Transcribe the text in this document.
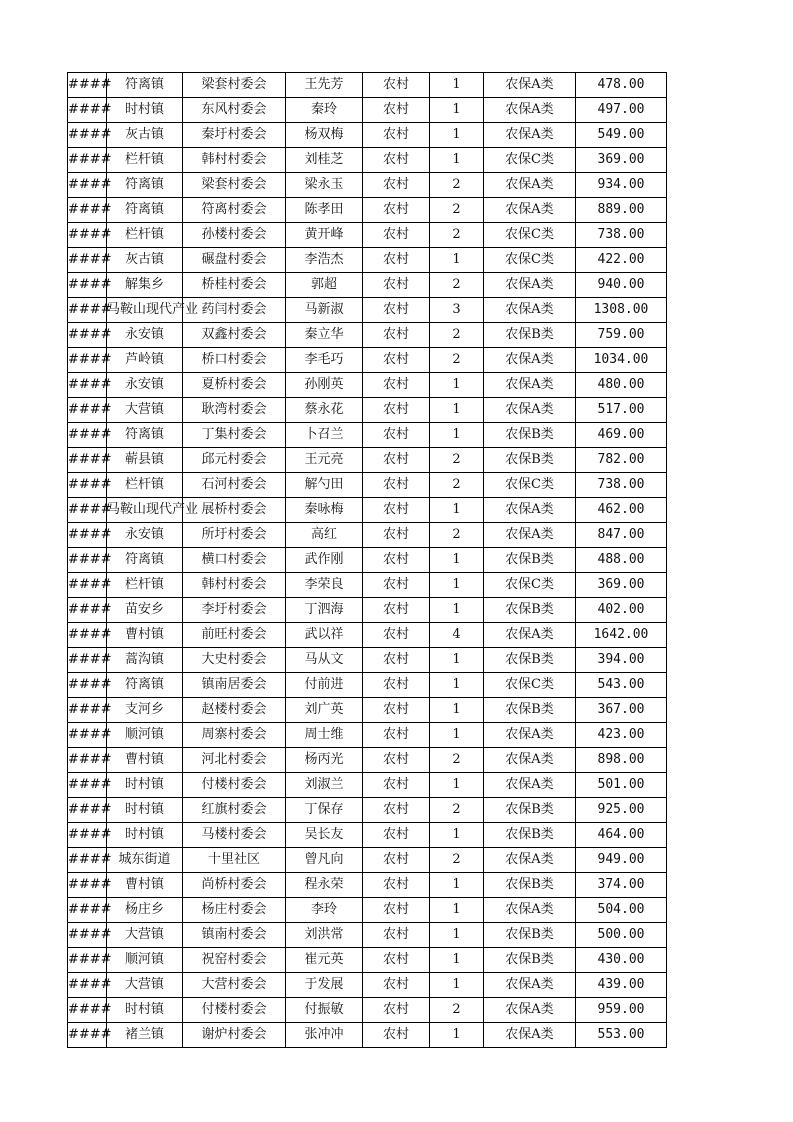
####	符离镇	梁套村委会	王先芳	农村	1	农保A类	478.00
####	时村镇	东风村委会	秦玲	农村	1	农保A类	497.00
####	灰古镇	秦圩村委会	杨双梅	农村	1	农保A类	549.00
####	栏杆镇	韩村村委会	刘桂芝	农村	1	农保C类	369.00
####	符离镇	梁套村委会	梁永玉	农村	2	农保A类	934.00
####	符离镇	符离村委会	陈孝田	农村	2	农保A类	889.00
####	栏杆镇	孙楼村委会	黄开峰	农村	2	农保C类	738.00
####	灰古镇	碾盘村委会	李浩杰	农村	1	农保C类	422.00
####	解集乡	桥桂村委会	郭超	农村	2	农保A类	940.00
####	马鞍山现代产业	药闫村委会	马新淑	农村	3	农保A类	1308.00
####	永安镇	双鑫村委会	秦立华	农村	2	农保B类	759.00
####	芦岭镇	桥口村委会	李毛巧	农村	2	农保A类	1034.00
####	永安镇	夏桥村委会	孙刚英	农村	1	农保A类	480.00
####	大营镇	耿湾村委会	蔡永花	农村	1	农保A类	517.00
####	符离镇	丁集村委会	卜召兰	农村	1	农保B类	469.00
####	蕲县镇	邱元村委会	王元亮	农村	2	农保B类	782.00
####	栏杆镇	石河村委会	解勺田	农村	2	农保C类	738.00
####	马鞍山现代产业	展桥村委会	秦咏梅	农村	1	农保A类	462.00
####	永安镇	所圩村委会	高红	农村	2	农保A类	847.00
####	符离镇	横口村委会	武作刚	农村	1	农保B类	488.00
####	栏杆镇	韩村村委会	李荣良	农村	1	农保C类	369.00
####	苗安乡	李圩村委会	丁泗海	农村	1	农保B类	402.00
####	曹村镇	前旺村委会	武以祥	农村	4	农保A类	1642.00
####	蒿沟镇	大史村委会	马从文	农村	1	农保B类	394.00
####	符离镇	镇南居委会	付前进	农村	1	农保C类	543.00
####	支河乡	赵楼村委会	刘广英	农村	1	农保B类	367.00
####	顺河镇	周寨村委会	周士维	农村	1	农保A类	423.00
####	曹村镇	河北村委会	杨丙光	农村	2	农保A类	898.00
####	时村镇	付楼村委会	刘淑兰	农村	1	农保A类	501.00
####	时村镇	红旗村委会	丁保存	农村	2	农保B类	925.00
####	时村镇	马楼村委会	吴长友	农村	1	农保B类	464.00
####	城东街道	十里社区	曾凡向	农村	2	农保A类	949.00
####	曹村镇	尚桥村委会	程永荣	农村	1	农保B类	374.00
####	杨庄乡	杨庄村委会	李玲	农村	1	农保A类	504.00
####	大营镇	镇南村委会	刘洪常	农村	1	农保B类	500.00
####	顺河镇	祝窑村委会	崔元英	农村	1	农保B类	430.00
####	大营镇	大营村委会	于发展	农村	1	农保A类	439.00
####	时村镇	付楼村委会	付振敏	农村	2	农保A类	959.00
####	褚兰镇	谢炉村委会	张冲冲	农村	1	农保A类	553.00
